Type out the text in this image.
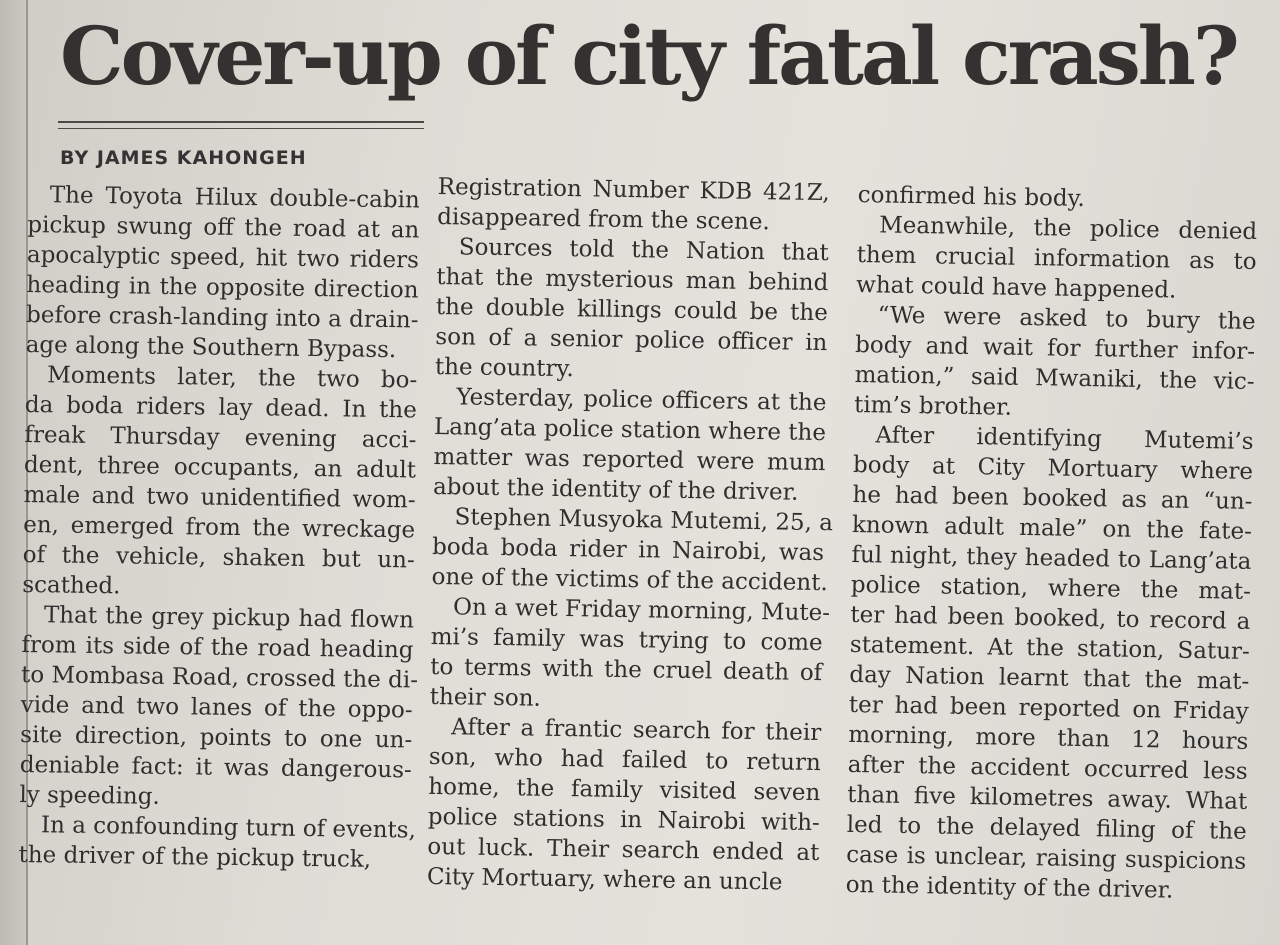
Cover-up of city fatal crash?
BY JAMES KAHONGEH

The Toyota Hilux double-cabin
pickup swung off the road at an
apocalyptic speed, hit two riders
heading in the opposite direction
before crash-landing into a drain-
age along the Southern Bypass.

Moments later, the two bo-
da boda riders lay dead. In the
freak Thursday evening acci-
dent, three occupants, an adult
male and two unidentified wom-
en, emerged from the wreckage
of the vehicle, shaken but un-
scathed.

That the grey pickup had flown
from its side of the road heading
to Mombasa Road, crossed the di-
vide and two lanes of the oppo-
site direction, points to one un-
deniable fact: it was dangerous-
ly speeding.

In a confounding turn of events,
the driver of the pickup truck,

Registration Number KDB 421Z,
disappeared from the scene.

Sources told the Nation that
that the mysterious man behind
the double killings could be the
son of a senior police officer in
the country.

Yesterday, police officers at the
Lang’ata police station where the
matter was reported were mum
about the identity of the driver.

Stephen Musyoka Mutemi, 25, a
boda boda rider in Nairobi, was
one of the victims of the accident.

On a wet Friday morning, Mute-
mi’s family was trying to come
to terms with the cruel death of
their son.

After a frantic search for their
son, who had failed to return
home, the family visited seven
police stations in Nairobi with-
out luck. Their search ended at
City Mortuary, where an uncle

confirmed his body.

Meanwhile, the police denied
them crucial information as to
what could have happened.

“We were asked to bury the
body and wait for further infor-
mation,” said Mwaniki, the vic-
tim’s brother.

After identifying Mutemi’s
body at City Mortuary where
he had been booked as an “un-
known adult male” on the fate-
ful night, they headed to Lang’ata
police station, where the mat-
ter had been booked, to record a
statement. At the station, Satur-
day Nation learnt that the mat-
ter had been reported on Friday
morning, more than 12 hours
after the accident occurred less
than five kilometres away. What
led to the delayed filing of the
case is unclear, raising suspicions
on the identity of the driver.
